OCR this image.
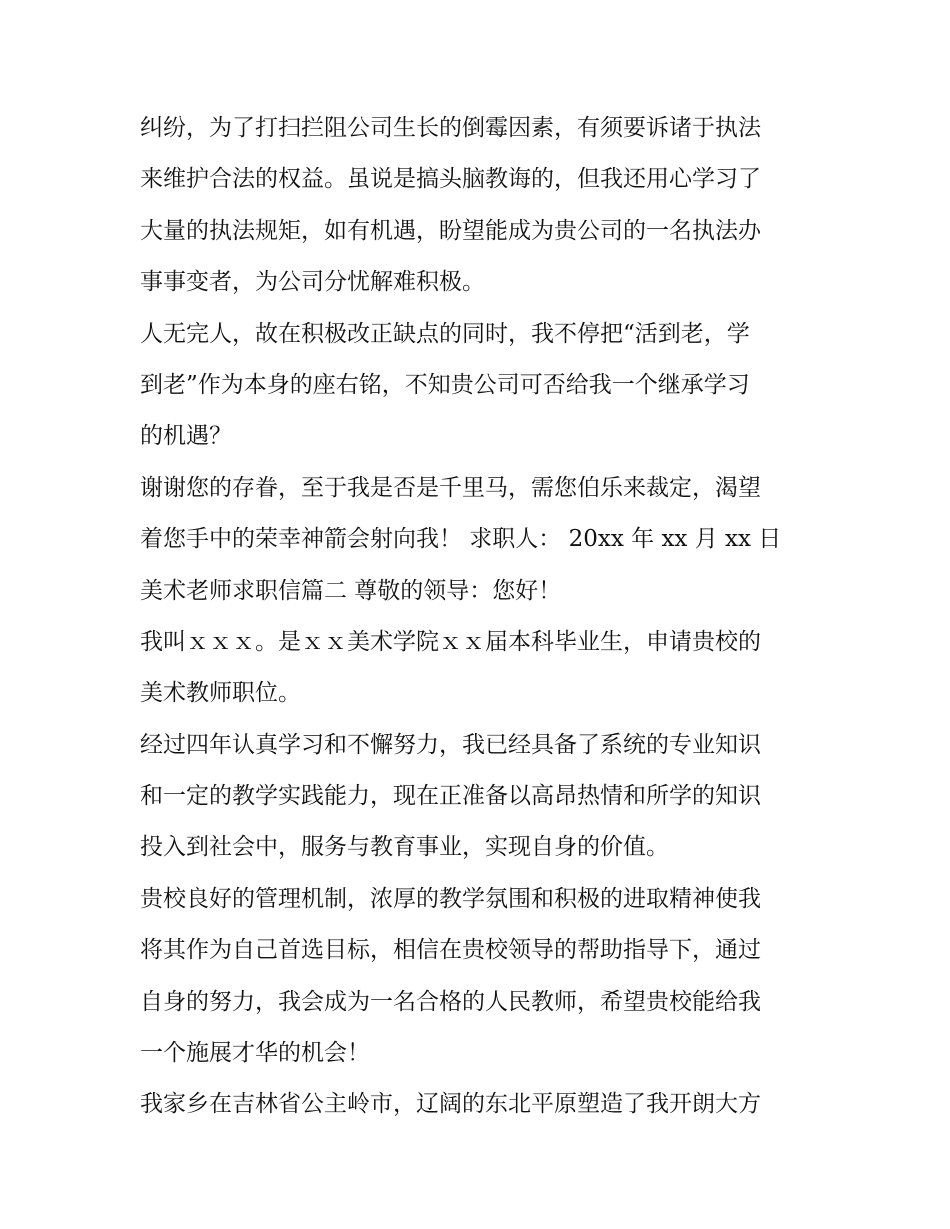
纠纷，为了打扫拦阻公司生长的倒霉因素，有须要诉诸于执法
来维护合法的权益。虽说是搞头脑教诲的，但我还用心学习了
大量的执法规矩，如有机遇，盼望能成为贵公司的一名执法办
事事变者，为公司分忧解难积极。
人无完人，故在积极改正缺点的同时，我不停把“活到老，学
到老”作为本身的座右铭，不知贵公司可否给我一个继承学习
的机遇？
谢谢您的存眷，至于我是否是千里马，需您伯乐来裁定，渴望
着您手中的荣幸神箭会射向我！ 求职人： 20xx 年 xx 月 xx 日
美术老师求职信篇二 尊敬的领导：您好！
我叫ｘｘｘ。是ｘｘ美术学院ｘｘ届本科毕业生，申请贵校的
美术教师职位。
经过四年认真学习和不懈努力，我已经具备了系统的专业知识
和一定的教学实践能力，现在正准备以高昂热情和所学的知识
投入到社会中，服务与教育事业，实现自身的价值。
贵校良好的管理机制，浓厚的教学氛围和积极的进取精神使我
将其作为自己首选目标，相信在贵校领导的帮助指导下，通过
自身的努力，我会成为一名合格的人民教师，希望贵校能给我
一个施展才华的机会！
我家乡在吉林省公主岭市，辽阔的东北平原塑造了我开朗大方
